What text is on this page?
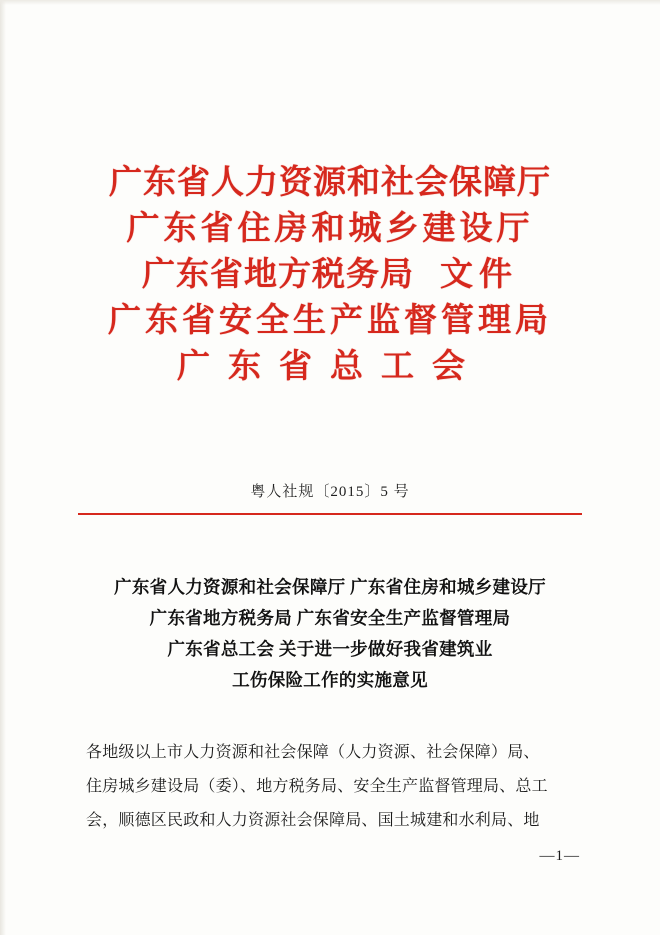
广东省人力资源和社会保障厅
广东省住房和城乡建设厅
广东省地方税务局 文件
广东省安全生产监督管理局
广东省总工会
粤人社规〔2015〕5 号
广东省人力资源和社会保障厅 广东省住房和城乡建设厅
广东省地方税务局 广东省安全生产监督管理局
广东省总工会 关于进一步做好我省建筑业
工伤保险工作的实施意见
各地级以上市人力资源和社会保障（人力资源、社会保障）局、
住房城乡建设局（委）、地方税务局、安全生产监督管理局、总工
会，顺德区民政和人力资源社会保障局、国土城建和水利局、地
—1—
